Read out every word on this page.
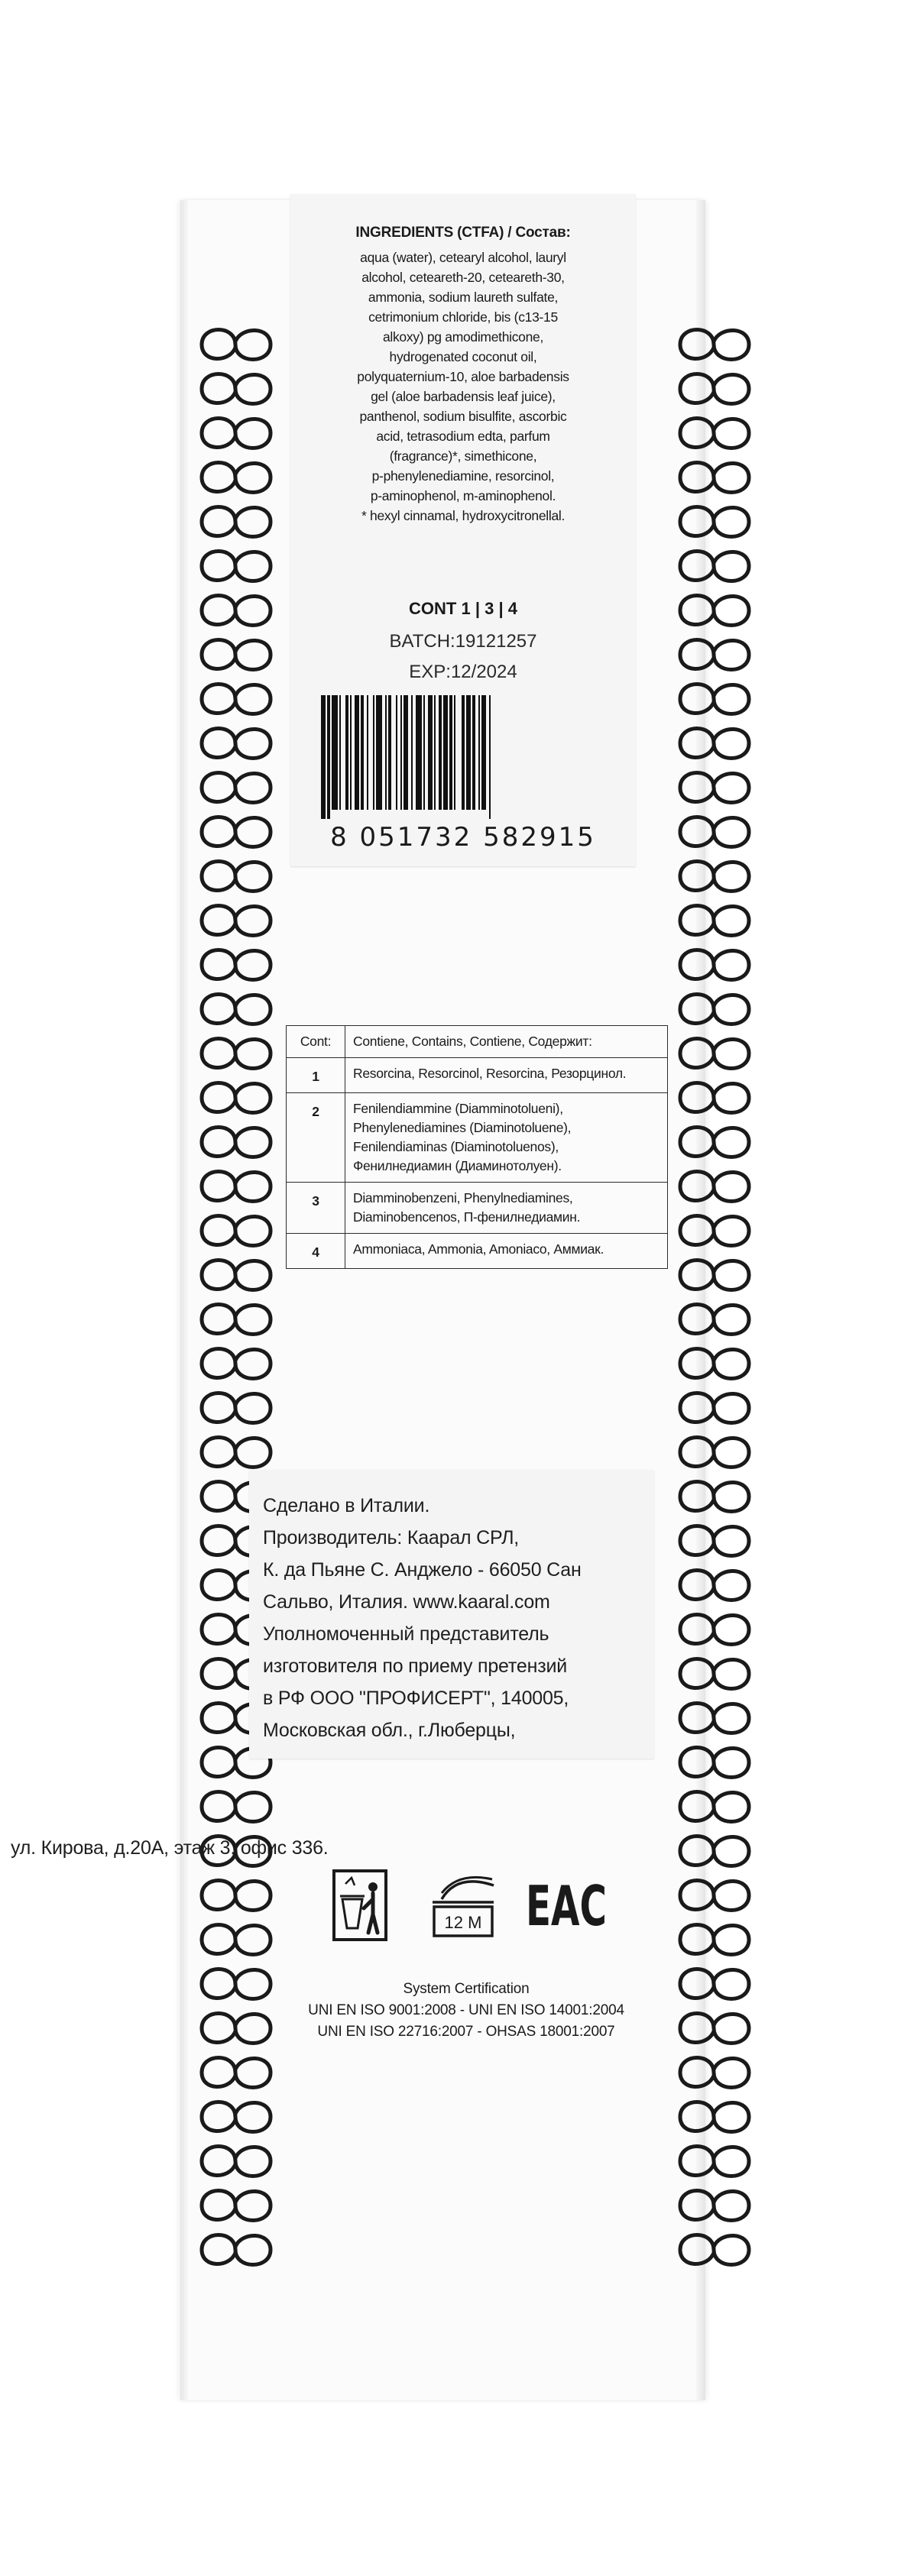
INGREDIENTS (CTFA) / Состав:
aqua (water), cetearyl alcohol, lauryl
alcohol, ceteareth-20, ceteareth-30,
ammonia, sodium laureth sulfate,
cetrimonium chloride, bis (c13-15
alkoxy) pg amodimethicone,
hydrogenated coconut oil,
polyquaternium-10, aloe barbadensis
gel (aloe barbadensis leaf juice),
panthenol, sodium bisulfite, ascorbic
acid, tetrasodium edta, parfum
(fragrance)*, simethicone,
p-phenylenediamine, resorcinol,
p-aminophenol, m-aminophenol.
* hexyl cinnamal, hydroxycitronellal.
CONT 1 | 3 | 4
BATCH:19121257
EXP:12/2024
8 051732 582915
Cont:	Contiene, Contains, Contiene, Содержит:
1	Resorcina, Resorcinol, Resorcina, Резорцинол.
2	Fenilendiammine (Diamminotolueni), Phenylenediamines (Diaminotoluene), Fenilendiaminas (Diaminotoluenos), Фенилнедиамин (Диаминотолуен).
3	Diamminobenzeni, Phenylnediamines, Diaminobencenos, П-фенилнедиамин.
4	Ammoniaca, Ammonia, Amoniaco, Аммиак.
Сделано в Италии.
Производитель: Каарал СРЛ,
К. да Пьяне С. Анджело - 66050 Сан
Сальво, Италия. www.kaaral.com
Уполномоченный представитель
изготовителя по приему претензий
в РФ ООО "ПРОФИСЕРТ", 140005,
Московская обл., г.Люберцы,
ул. Кирова, д.20А, этаж 3, офис 336.
12 M EAC
System Certification
UNI EN ISO 9001:2008 - UNI EN ISO 14001:2004
UNI EN ISO 22716:2007 - OHSAS 18001:2007
